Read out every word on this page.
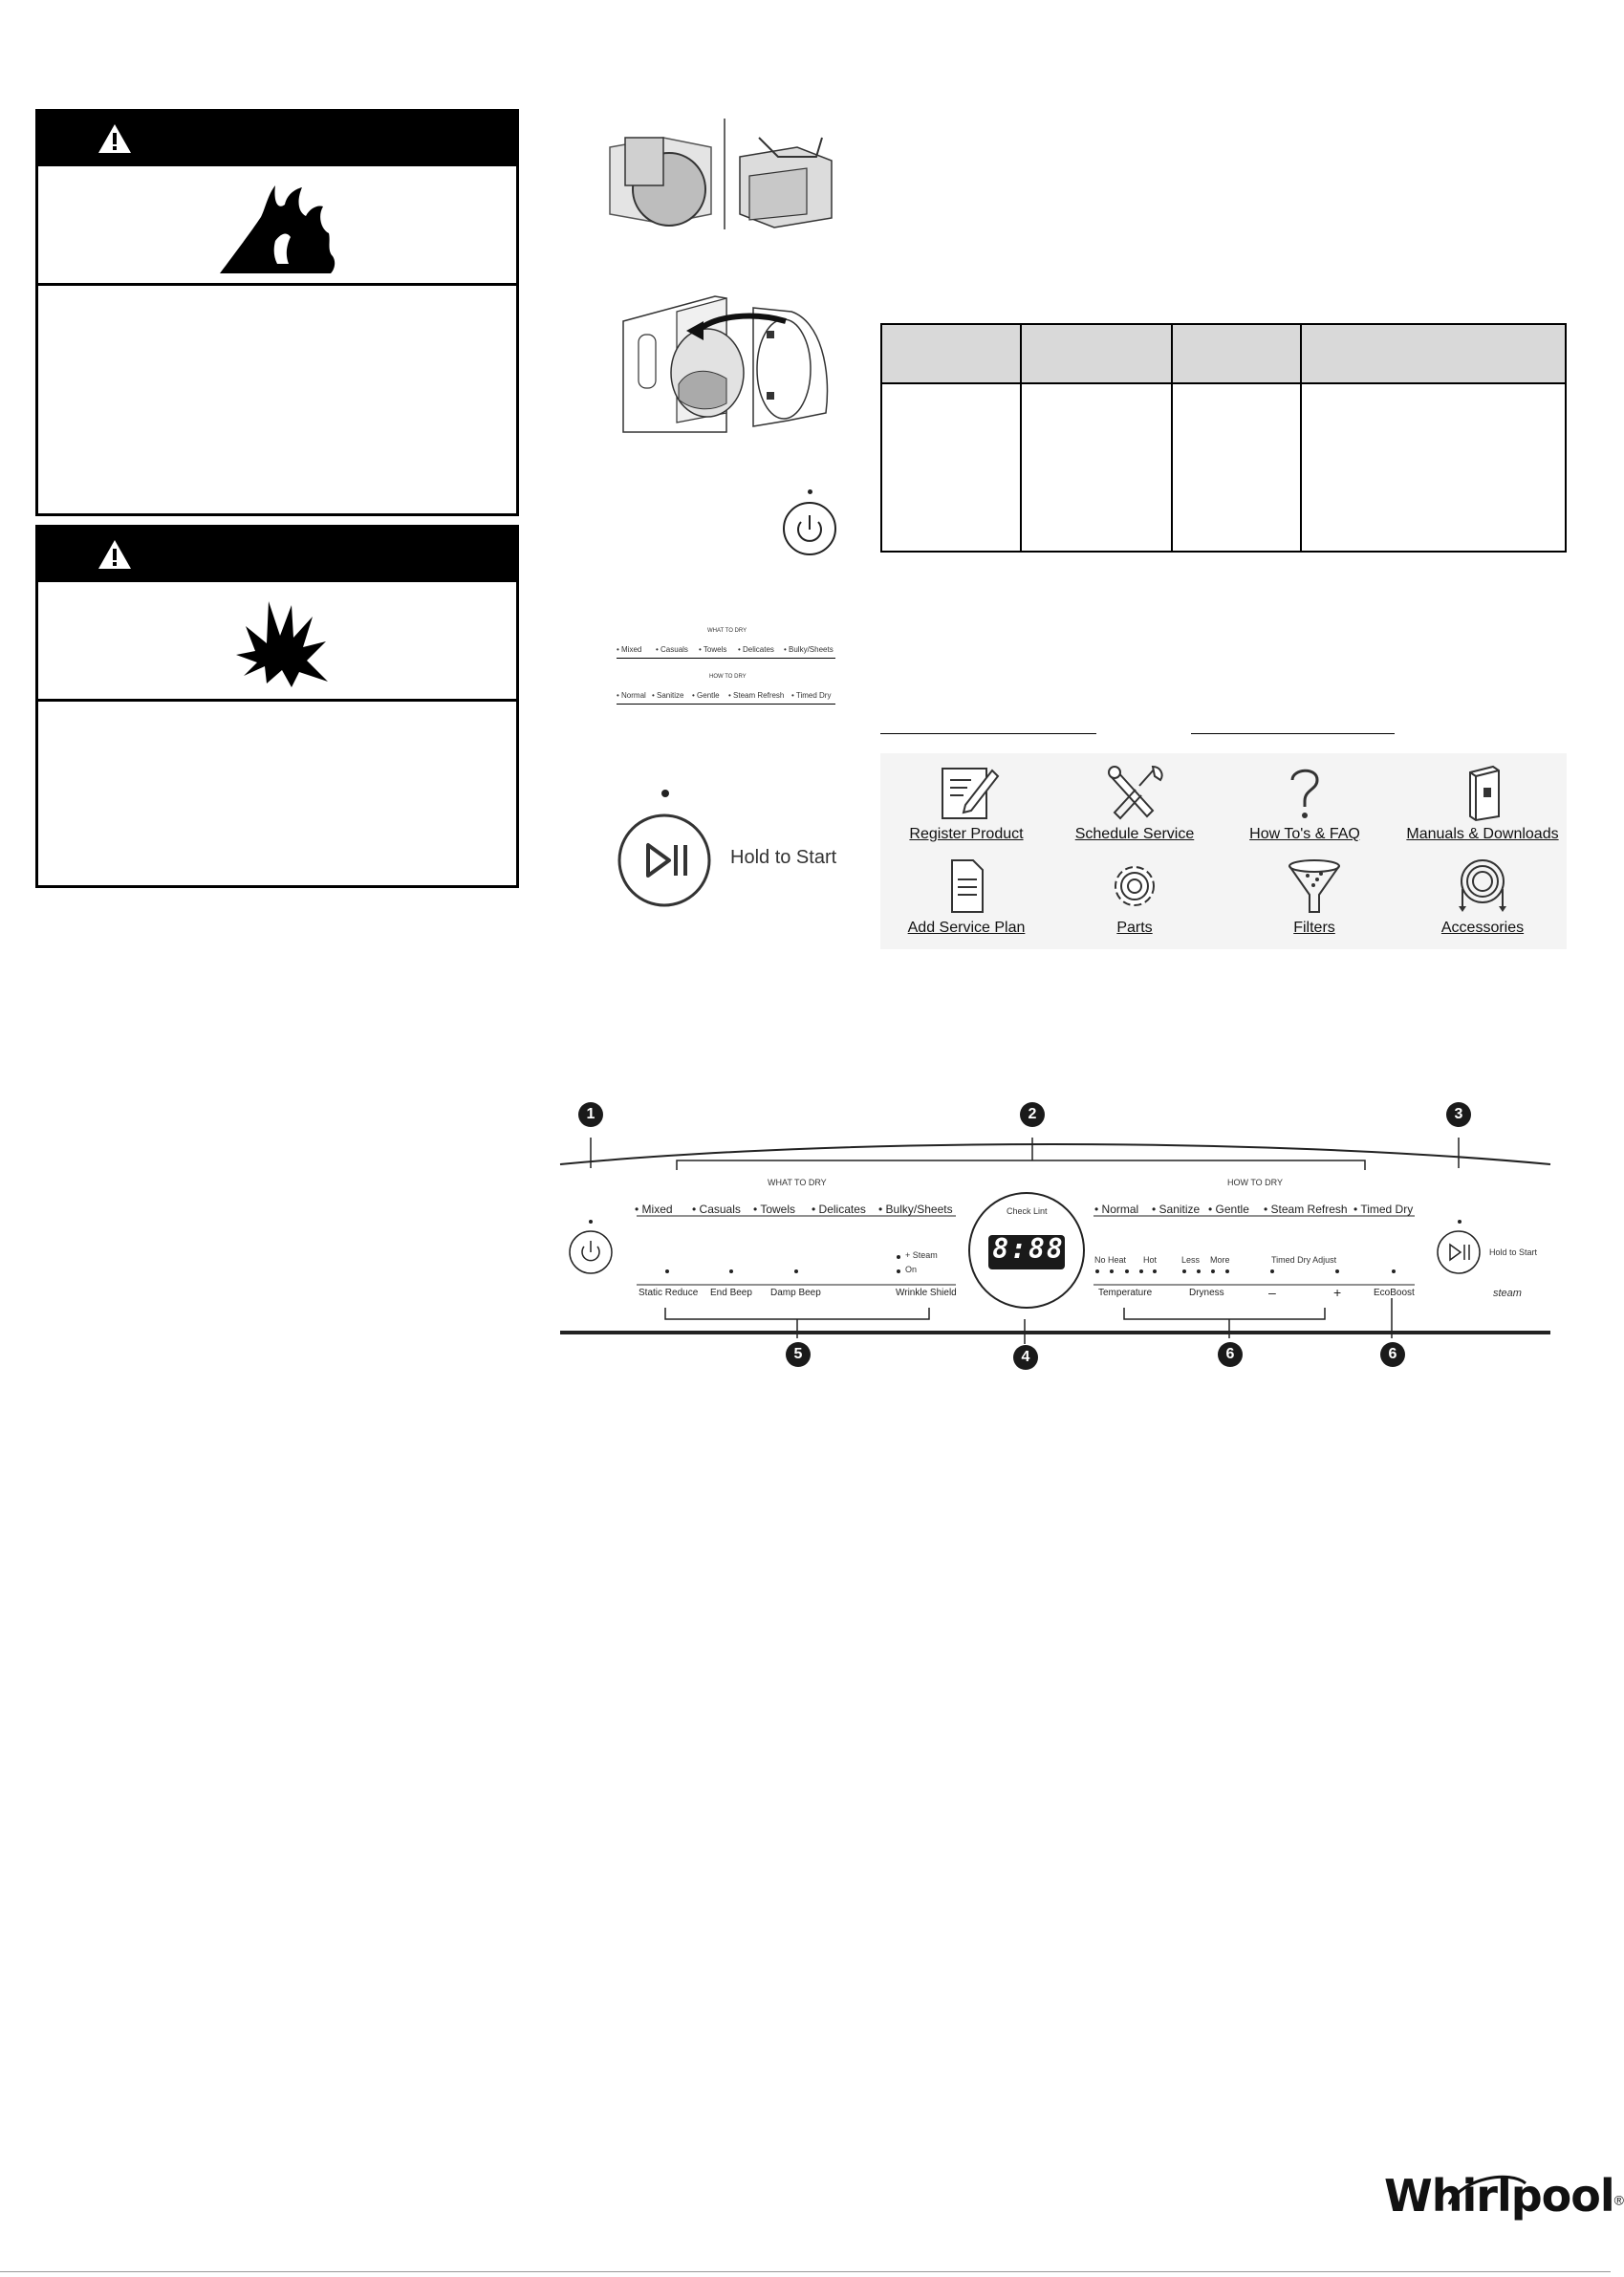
WHAT TO DRY
• Mixed • Casuals • Towels • Delicates • Bulky/Sheets
HOW TO DRY
• Normal • Sanitize • Gentle • Steam Refresh • Timed Dry
Hold to Start

Register Product	Schedule Service	How To's & FAQ	Manuals & Downloads
Add Service Plan	Parts	Filters	Accessories
1	2	3
4
5	6	6
WHAT TO DRY	HOW TO DRY
• Mixed • Casuals • Towels • Delicates • Bulky/Sheets	• Normal • Sanitize • Gentle • Steam Refresh • Timed Dry
Check Lint
8:88
+ Steam
On
Static Reduce End Beep Damp Beep	Wrinkle Shield
No Heat Hot	Less More	Timed Dry Adjust
Temperature	Dryness	–	+	EcoBoost
Hold to Start
steam
Whirlpool®
